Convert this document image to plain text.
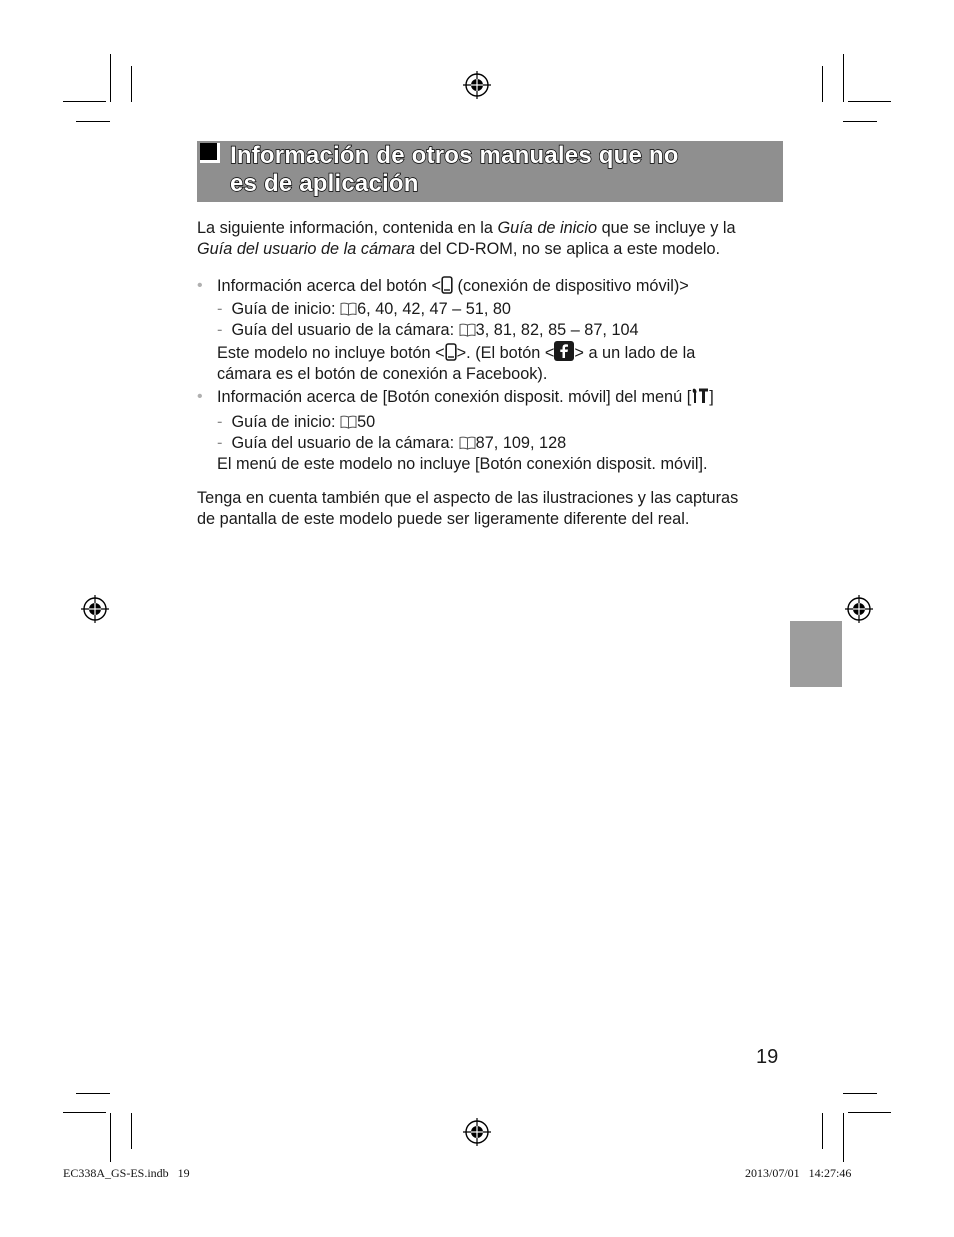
Información de otros manuales que no
es de aplicación
La siguiente información, contenida en la Guía de inicio que se incluye y la
Guía del usuario de la cámara del CD-ROM, no se aplica a este modelo.
• Información acerca del botón < (conexión de dispositivo móvil)>
- Guía de inicio: 6, 40, 42, 47 – 51, 80
- Guía del usuario de la cámara: 3, 81, 82, 85 – 87, 104
Este modelo no incluye botón < >. (El botón < > a un lado de la
cámara es el botón de conexión a Facebook).
• Información acerca de [Botón conexión disposit. móvil] del menú [ ]
- Guía de inicio: 50
- Guía del usuario de la cámara: 87, 109, 128
El menú de este modelo no incluye [Botón conexión disposit. móvil].
Tenga en cuenta también que el aspecto de las ilustraciones y las capturas
de pantalla de este modelo puede ser ligeramente diferente del real.
19
EC338A_GS-ES.indb   19	2013/07/01   14:27:46
